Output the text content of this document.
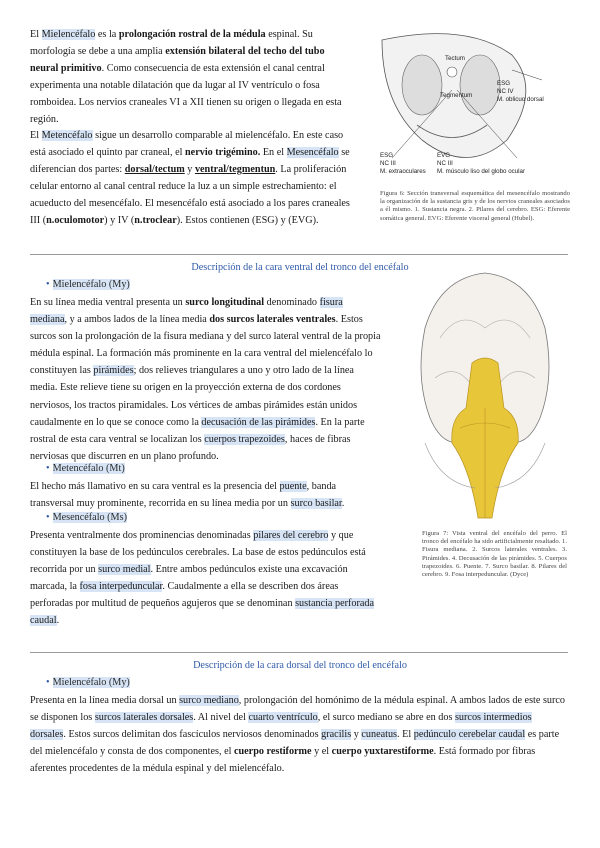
El Mielencéfalo es la prolongación rostral de la médula espinal. Su morfología se debe a una amplia extensión bilateral del techo del tubo neural primitivo. Como consecuencia de esta extensión el canal central experimenta una notable dilatación que da lugar al IV ventrículo o fosa romboidea. Los nervios craneales VI a XII tienen su origen o llegada en esta región.

El Metencéfalo sigue un desarrollo comparable al mielencéfalo. En este caso está asociado el quinto par craneal, el nervio trigémino. En el Mesencéfalo se diferencian dos partes: dorsal/tectum y ventral/tegmentun. La proliferación celular entorno al canal central reduce la luz a un simple estrechamiento: el acueducto del mesencéfalo. El mesencéfalo está asociado a los pares craneales III (n.oculomotor) y IV (n.troclear). Estos contienen (ESG) y (EVG).

Tectum
Tegmentum
ESG
NC IV
M. oblicuo dorsal
ESG
NC III
M. extraoculares
EVG
NC III
M. músculo liso del globo ocular
Figura 6: Sección transversal esquemática del mesencéfalo mostrando la organización de la sustancia gris y de los nervios craneales asociados a él mismo. 1. Sustancia negra. 2. Pilares del cerebro. ESG: Eferente somática general. EVG: Eferente visceral general (Hubel).
Descripción de la cara ventral del tronco del encéfalo
• Mielencéfalo (My)

En su línea media ventral presenta un surco longitudinal denominado fisura mediana, y a ambos lados de la línea media dos surcos laterales ventrales. Estos surcos son la prolongación de la fisura mediana y del surco lateral ventral de la propia médula espinal. La formación más prominente en la cara ventral del mielencéfalo lo constituyen las pirámides; dos relieves triangulares a uno y otro lado de la línea media. Este relieve tiene su origen en la proyección externa de dos cordones nerviosos, los tractos piramidales. Los vértices de ambas pirámides están unidos caudalmente en lo que se conoce como la decusación de las pirámides. En la parte rostral de esta cara ventral se localizan los cuerpos trapezoides, haces de fibras nerviosas que discurren en un plano profundo.

• Metencéfalo (Mt)

El hecho más llamativo en su cara ventral es la presencia del puente, banda transversal muy prominente, recorrida en su línea media por un surco basilar.

• Mesencéfalo (Ms)

Presenta ventralmente dos prominencias denominadas pilares del cerebro y que constituyen la base de los pedúnculos cerebrales. La base de estos pedúnculos está recorrida por un surco medial. Entre ambos pedúnculos existe una excavación marcada, la fosa interpeduncular. Caudalmente a ella se describen dos áreas perforadas por multitud de pequeños agujeros que se denominan sustancia perforada caudal.

Figura 7: Vista ventral del encéfalo del perro. El tronco del encéfalo ha sido artificialmente resaltado. 1. Fisura mediana. 2. Surcos laterales ventrales. 3. Pirámides. 4. Decusación de las pirámides. 5. Cuerpos trapezoides. 6. Puente. 7. Surco basilar. 8. Pilares del cerebro. 9. Fosa interpeduncular. (Dyce)
Descripción de la cara dorsal del tronco del encéfalo
• Mielencéfalo (My)

Presenta en la línea media dorsal un surco mediano, prolongación del homónimo de la médula espinal. A ambos lados de este surco se disponen los surcos laterales dorsales. Al nivel del cuarto ventrículo, el surco mediano se abre en dos surcos intermedios dorsales. Estos surcos delimitan dos fascículos nerviosos denominados gracilis y cuneatus. El pedúnculo cerebelar caudal es parte del mielencéfalo y consta de dos componentes, el cuerpo restiforme y el cuerpo yuxtarestiforme. Está formado por fibras aferentes procedentes de la médula espinal y del mielencéfalo.
